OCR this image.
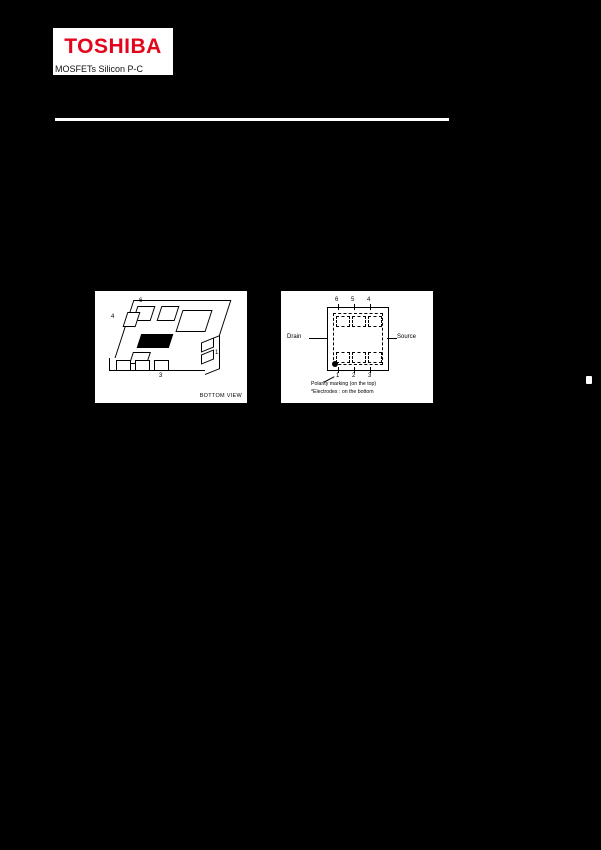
TOSHIBA
MOSFETs Silicon P-C
6
4
3
1
BOTTOM VIEW
6 5 4
1 2 3
Drain	Source
Polarity marking (on the top)
*Electrodes : on the bottom
